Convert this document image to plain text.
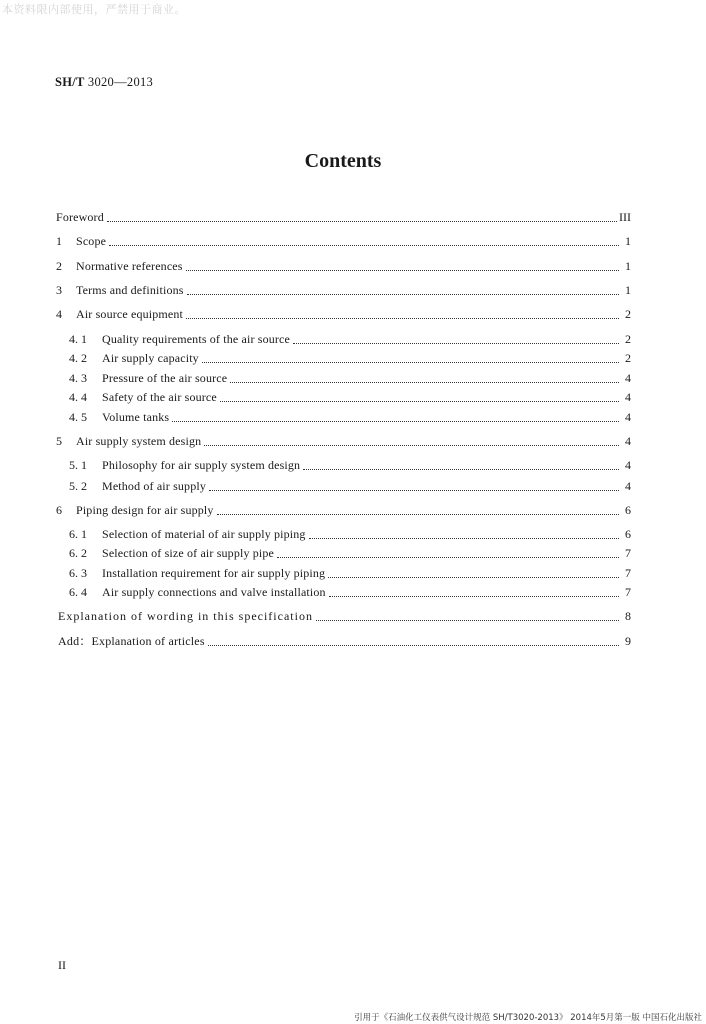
本资料限内部使用，严禁用于商业。
SH/T 3020—2013
Contents
Foreword	III
1	Scope	1
2	Normative references	1
3	Terms and definitions	1
4	Air source equipment	2
4. 1	Quality requirements of the air source	2
4. 2	Air supply capacity	2
4. 3	Pressure of the air source	4
4. 4	Safety of the air source	4
4. 5	Volume tanks	4
5	Air supply system design	4
5. 1	Philosophy for air supply system design	4
5. 2	Method of air supply	4
6	Piping design for air supply	6
6. 1	Selection of material of air supply piping	6
6. 2	Selection of size of air supply pipe	7
6. 3	Installation requirement for air supply piping	7
6. 4	Air supply connections and valve installation	7
Explanation of wording in this specification	8
Add：Explanation of articles	9
II
引用于《石油化工仪表供气设计规范 SH/T3020-2013》 2014年5月第一版 中国石化出版社
